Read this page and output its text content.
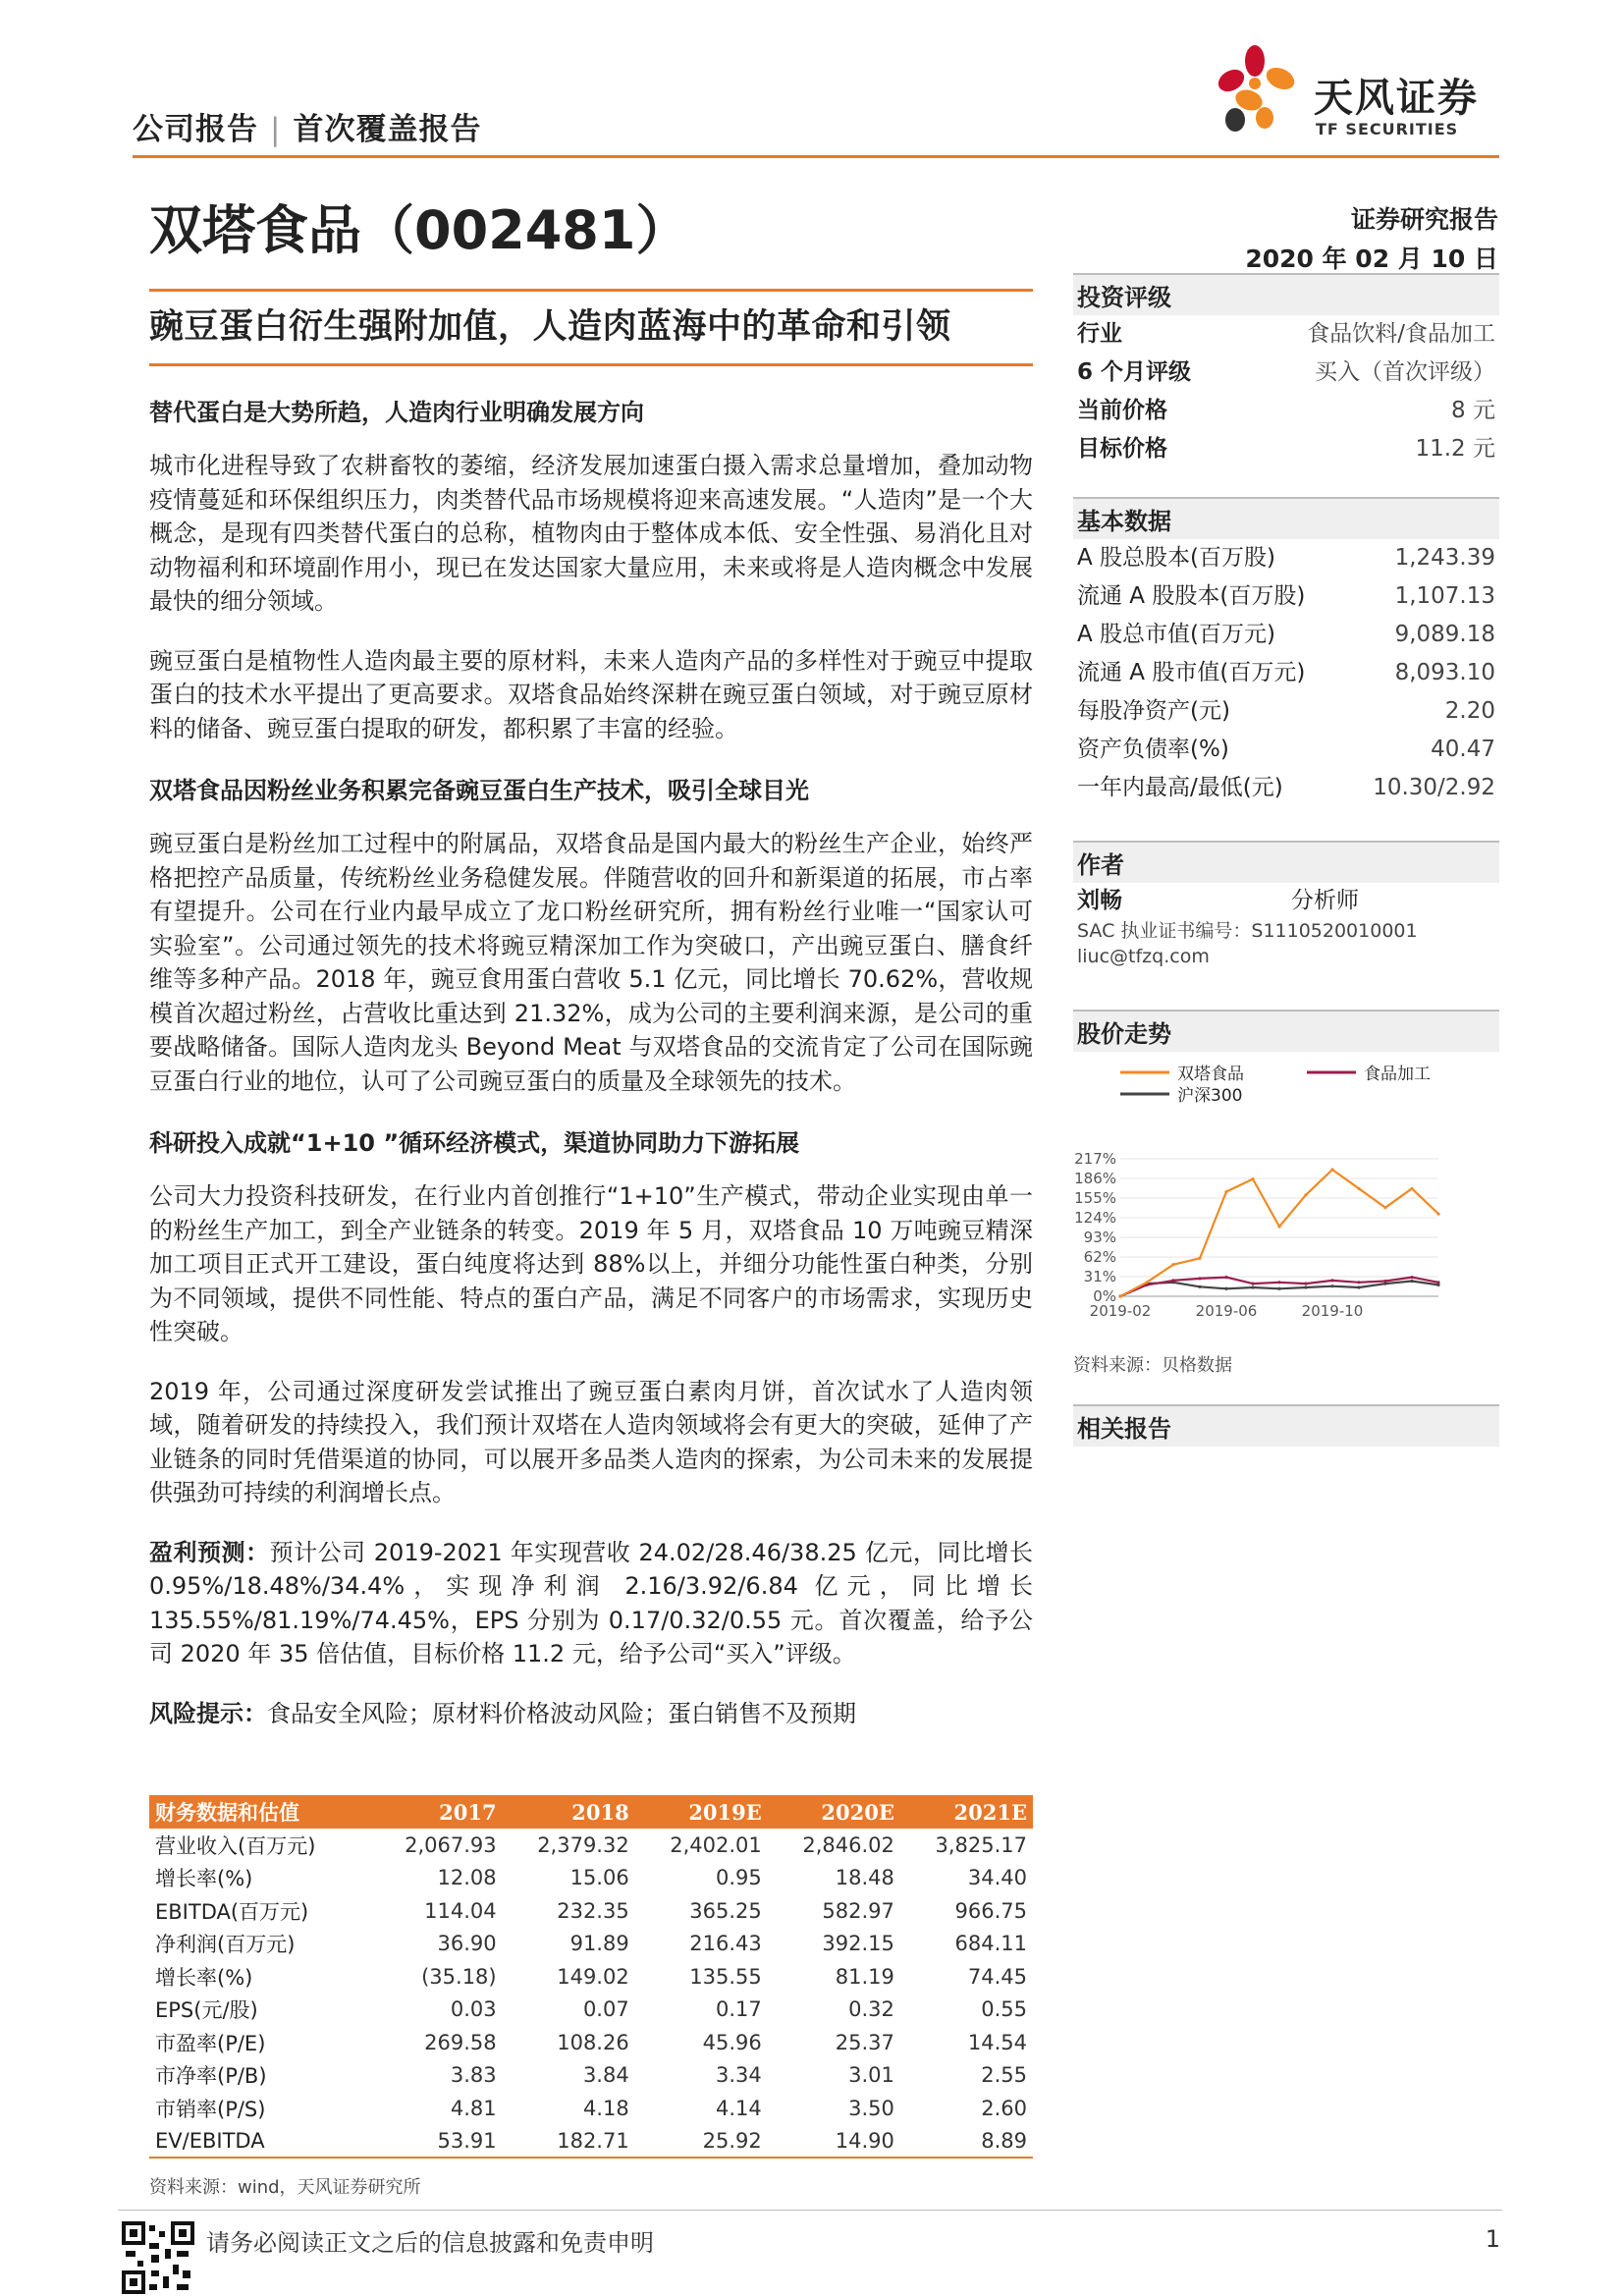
公司报告 | 首次覆盖报告
天风证券
TF SECURITIES
双塔食品（002481）	证券研究报告
2020 年 02 月 10 日
豌豆蛋白衍生强附加值，人造肉蓝海中的革命和引领
替代蛋白是大势所趋，人造肉行业明确发展方向

城市化进程导致了农耕畜牧的萎缩，经济发展加速蛋白摄入需求总量增加，叠加动物疫情蔓延和环保组织压力，肉类替代品市场规模将迎来高速发展。“人造肉”是一个大概念，是现有四类替代蛋白的总称，植物肉由于整体成本低、安全性强、易消化且对动物福利和环境副作用小，现已在发达国家大量应用，未来或将是人造肉概念中发展最快的细分领域。

豌豆蛋白是植物性人造肉最主要的原材料，未来人造肉产品的多样性对于豌豆中提取蛋白的技术水平提出了更高要求。双塔食品始终深耕在豌豆蛋白领域，对于豌豆原材料的储备、豌豆蛋白提取的研发，都积累了丰富的经验。

双塔食品因粉丝业务积累完备豌豆蛋白生产技术，吸引全球目光

豌豆蛋白是粉丝加工过程中的附属品，双塔食品是国内最大的粉丝生产企业，始终严格把控产品质量，传统粉丝业务稳健发展。伴随营收的回升和新渠道的拓展，市占率有望提升。公司在行业内最早成立了龙口粉丝研究所，拥有粉丝行业唯一“国家认可实验室”。公司通过领先的技术将豌豆精深加工作为突破口，产出豌豆蛋白、膳食纤维等多种产品。2018 年，豌豆食用蛋白营收 5.1 亿元，同比增长 70.62%，营收规模首次超过粉丝，占营收比重达到 21.32%，成为公司的主要利润来源，是公司的重要战略储备。国际人造肉龙头 Beyond Meat 与双塔食品的交流肯定了公司在国际豌豆蛋白行业的地位，认可了公司豌豆蛋白的质量及全球领先的技术。

科研投入成就“1+10 ”循环经济模式，渠道协同助力下游拓展

公司大力投资科技研发，在行业内首创推行“1+10”生产模式，带动企业实现由单一的粉丝生产加工，到全产业链条的转变。2019 年 5 月，双塔食品 10 万吨豌豆精深加工项目正式开工建设，蛋白纯度将达到 88%以上，并细分功能性蛋白种类，分别为不同领域，提供不同性能、特点的蛋白产品，满足不同客户的市场需求，实现历史性突破。

2019 年，公司通过深度研发尝试推出了豌豆蛋白素肉月饼，首次试水了人造肉领域，随着研发的持续投入，我们预计双塔在人造肉领域将会有更大的突破，延伸了产业链条的同时凭借渠道的协同，可以展开多品类人造肉的探索，为公司未来的发展提供强劲可持续的利润增长点。

盈利预测：预计公司 2019-2021 年实现营收 24.02/28.46/38.25 亿元，同比增长 0.95%/18.48%/34.4%，实现净利润 2.16/3.92/6.84 亿元，同比增长 135.55%/81.19%/74.45%，EPS 分别为 0.17/0.32/0.55 元。首次覆盖，给予公司 2020 年 35 倍估值，目标价格 11.2 元，给予公司“买入”评级。

风险提示：食品安全风险；原材料价格波动风险；蛋白销售不及预期

投资评级
行业	食品饮料/食品加工
6 个月评级	买入（首次评级）
当前价格	8 元
目标价格	11.2 元
基本数据
A 股总股本(百万股)	1,243.39
流通 A 股股本(百万股)	1,107.13
A 股总市值(百万元)	9,089.18
流通 A 股市值(百万元)	8,093.10
每股净资产(元)	2.20
资产负债率(%)	40.47
一年内最高/最低(元)	10.30/2.92
作者
刘畅	分析师
SAC 执业证书编号：S1110520010001
liuc@tfzq.com
股价走势
双塔食品	食品加工
沪深300
217%
186%
155%
124%
93%
62%
31%
0%
2019-02	2019-06	2019-10
资料来源：贝格数据
相关报告
财务数据和估值	2017	2018	2019E	2020E	2021E
营业收入(百万元)	2,067.93	2,379.32	2,402.01	2,846.02	3,825.17
增长率(%)	12.08	15.06	0.95	18.48	34.40
EBITDA(百万元)	114.04	232.35	365.25	582.97	966.75
净利润(百万元)	36.90	91.89	216.43	392.15	684.11
增长率(%)	(35.18)	149.02	135.55	81.19	74.45
EPS(元/股)	0.03	0.07	0.17	0.32	0.55
市盈率(P/E)	269.58	108.26	45.96	25.37	14.54
市净率(P/B)	3.83	3.84	3.34	3.01	2.55
市销率(P/S)	4.81	4.18	4.14	3.50	2.60
EV/EBITDA	53.91	182.71	25.92	14.90	8.89
资料来源：wind，天风证券研究所
请务必阅读正文之后的信息披露和免责申明	1
